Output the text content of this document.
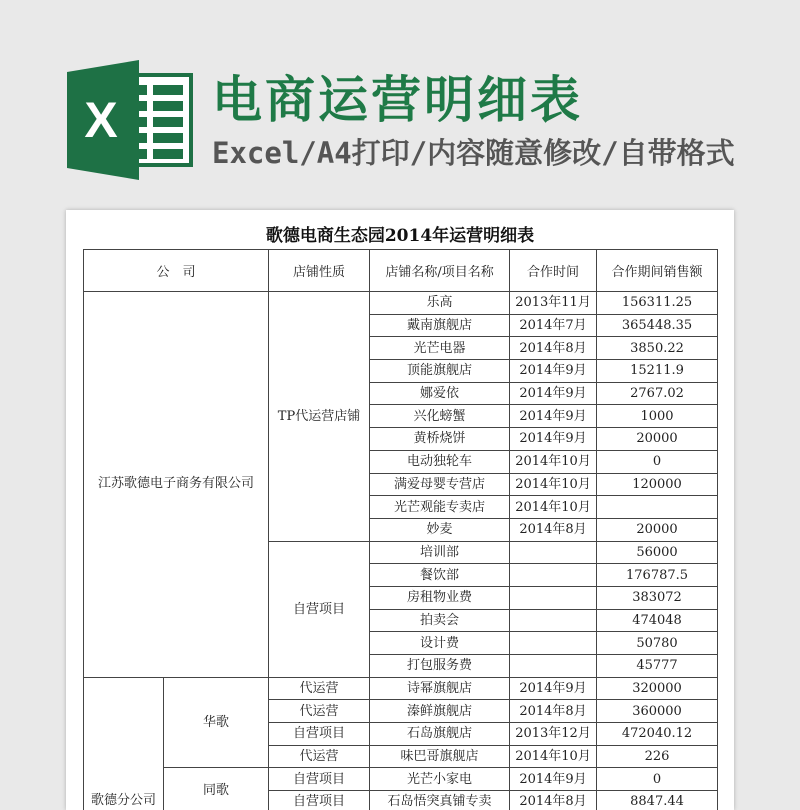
X 电商运营明细表

Excel/A4打印/内容随意修改/自带格式

歌德电商生态园2014年运营明细表
公　司		店铺性质	店铺名称/项目名称	合作时间	合作期间销售额
江苏歌德电子商务有限公司		TP代运营店铺	乐高	2013年11月	156311.25
			戴南旗舰店	2014年7月	365448.35
			光芒电器	2014年8月	3850.22
			顶能旗舰店	2014年9月	15211.9
			娜爱依	2014年9月	2767.02
			兴化螃蟹	2014年9月	1000
			黄桥烧饼	2014年9月	20000
			电动独轮车	2014年10月	0
			满爱母婴专营店	2014年10月	120000
			光芒观能专卖店	2014年10月	
			妙麦	2014年8月	20000
		自营项目	培训部		56000
			餐饮部		176787.5
			房租物业费		383072
			拍卖会		474048
			设计费		50780
			打包服务费		45777
歌德分公司	华歌	代运营	诗幂旗舰店	2014年9月	320000
		代运营	溱鲜旗舰店	2014年8月	360000
		自营项目	石岛旗舰店	2013年12月	472040.12
		代运营	味巴哥旗舰店	2014年10月	226
	同歌	自营项目	光芒小家电	2014年9月	0
		自营项目	石岛悟突真铺专卖	2014年8月	8847.44
